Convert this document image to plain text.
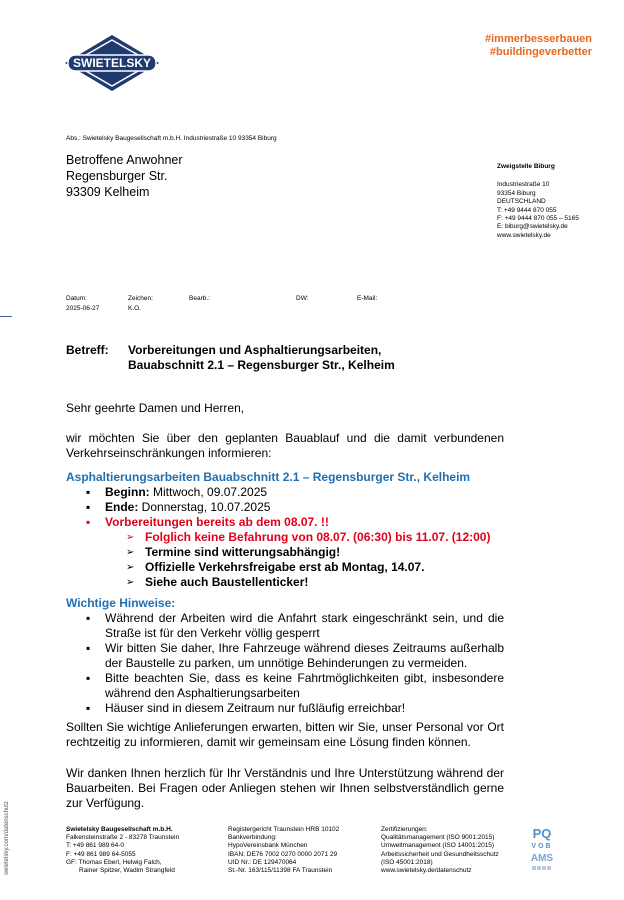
SWIETELSKY
#immerbesserbauen
#buildingeverbetter
Abs.: Swietelsky Baugesellschaft m.b.H. Industriestraße 10 93354 Biburg
Betroffene Anwohner
Regensburger Str.
93309 Kelheim
Zweigstelle Biburg
Industriestraße 10
93354 Biburg
DEUTSCHLAND
T: +49 9444 870 055
F: +49 9444 870 055 – 5165
E: biburg@swietelsky.de
www.swietelsky.de
Datum:
2025-06-27
Zeichen:
K.O.
Bearb.:	DW:	E-Mail:
Betreff: Vorbereitungen und Asphaltierungsarbeiten,
Bauabschnitt 2.1 – Regensburger Str., Kelheim
Sehr geehrte Damen und Herren,
wir möchten Sie über den geplanten Bauablauf und die damit verbundenen Verkehrseinschränkungen informieren:
Asphaltierungsarbeiten Bauabschnitt 2.1 – Regensburger Str., Kelheim
▪ Beginn: Mittwoch, 09.07.2025
▪ Ende: Donnerstag, 10.07.2025
▪ Vorbereitungen bereits ab dem 08.07. !!
➢ Folglich keine Befahrung von 08.07. (06:30) bis 11.07. (12:00)
➢ Termine sind witterungsabhängig!
➢ Offizielle Verkehrsfreigabe erst ab Montag, 14.07.
➢ Siehe auch Baustellenticker!
Wichtige Hinweise:
▪ Während der Arbeiten wird die Anfahrt stark eingeschränkt sein, und die Straße ist für den Verkehr völlig gesperrt
▪ Wir bitten Sie daher, Ihre Fahrzeuge während dieses Zeitraums außerhalb der Baustelle zu parken, um unnötige Behinderungen zu vermeiden.
▪ Bitte beachten Sie, dass es keine Fahrtmöglichkeiten gibt, insbesondere während den Asphaltierungsarbeiten
▪ Häuser sind in diesem Zeitraum nur fußläufig erreichbar!
Sollten Sie wichtige Anlieferungen erwarten, bitten wir Sie, unser Personal vor Ort rechtzeitig zu informieren, damit wir gemeinsam eine Lösung finden können.
Wir danken Ihnen herzlich für Ihr Verständnis und Ihre Unterstützung während der Bauarbeiten. Bei Fragen oder Anliegen stehen wir Ihnen selbstverständlich gerne zur Verfügung.
Swietelsky Baugesellschaft m.b.H.
Falkensteinstraße 2 - 83278 Traunstein
T: +49 861 989 64-0
F: +49 861 989 64-5055
GF: Thomas Eberl, Helwig Falch,
Rainer Spitzer, Wadim Strangfeld
Registergericht Traunstein HRB 10102
Bankverbindung:
HypoVereinsbank München
IBAN: DE76 7002 0270 0000 2071 29
UID Nr.: DE 129470064
St.-Nr. 163/115/11398 FA Traunstein
Zertifizierungen:
Qualitätsmanagement (ISO 9001:2015)
Umweltmanagement (ISO 14001:2015)
Arbeitssicherheit und Gesundheitsschutz
(ISO 45001:2018)
www.swietelsky.de/datenschutz
swietelsky.com/datenschutz	PQ
VOB
AMS
